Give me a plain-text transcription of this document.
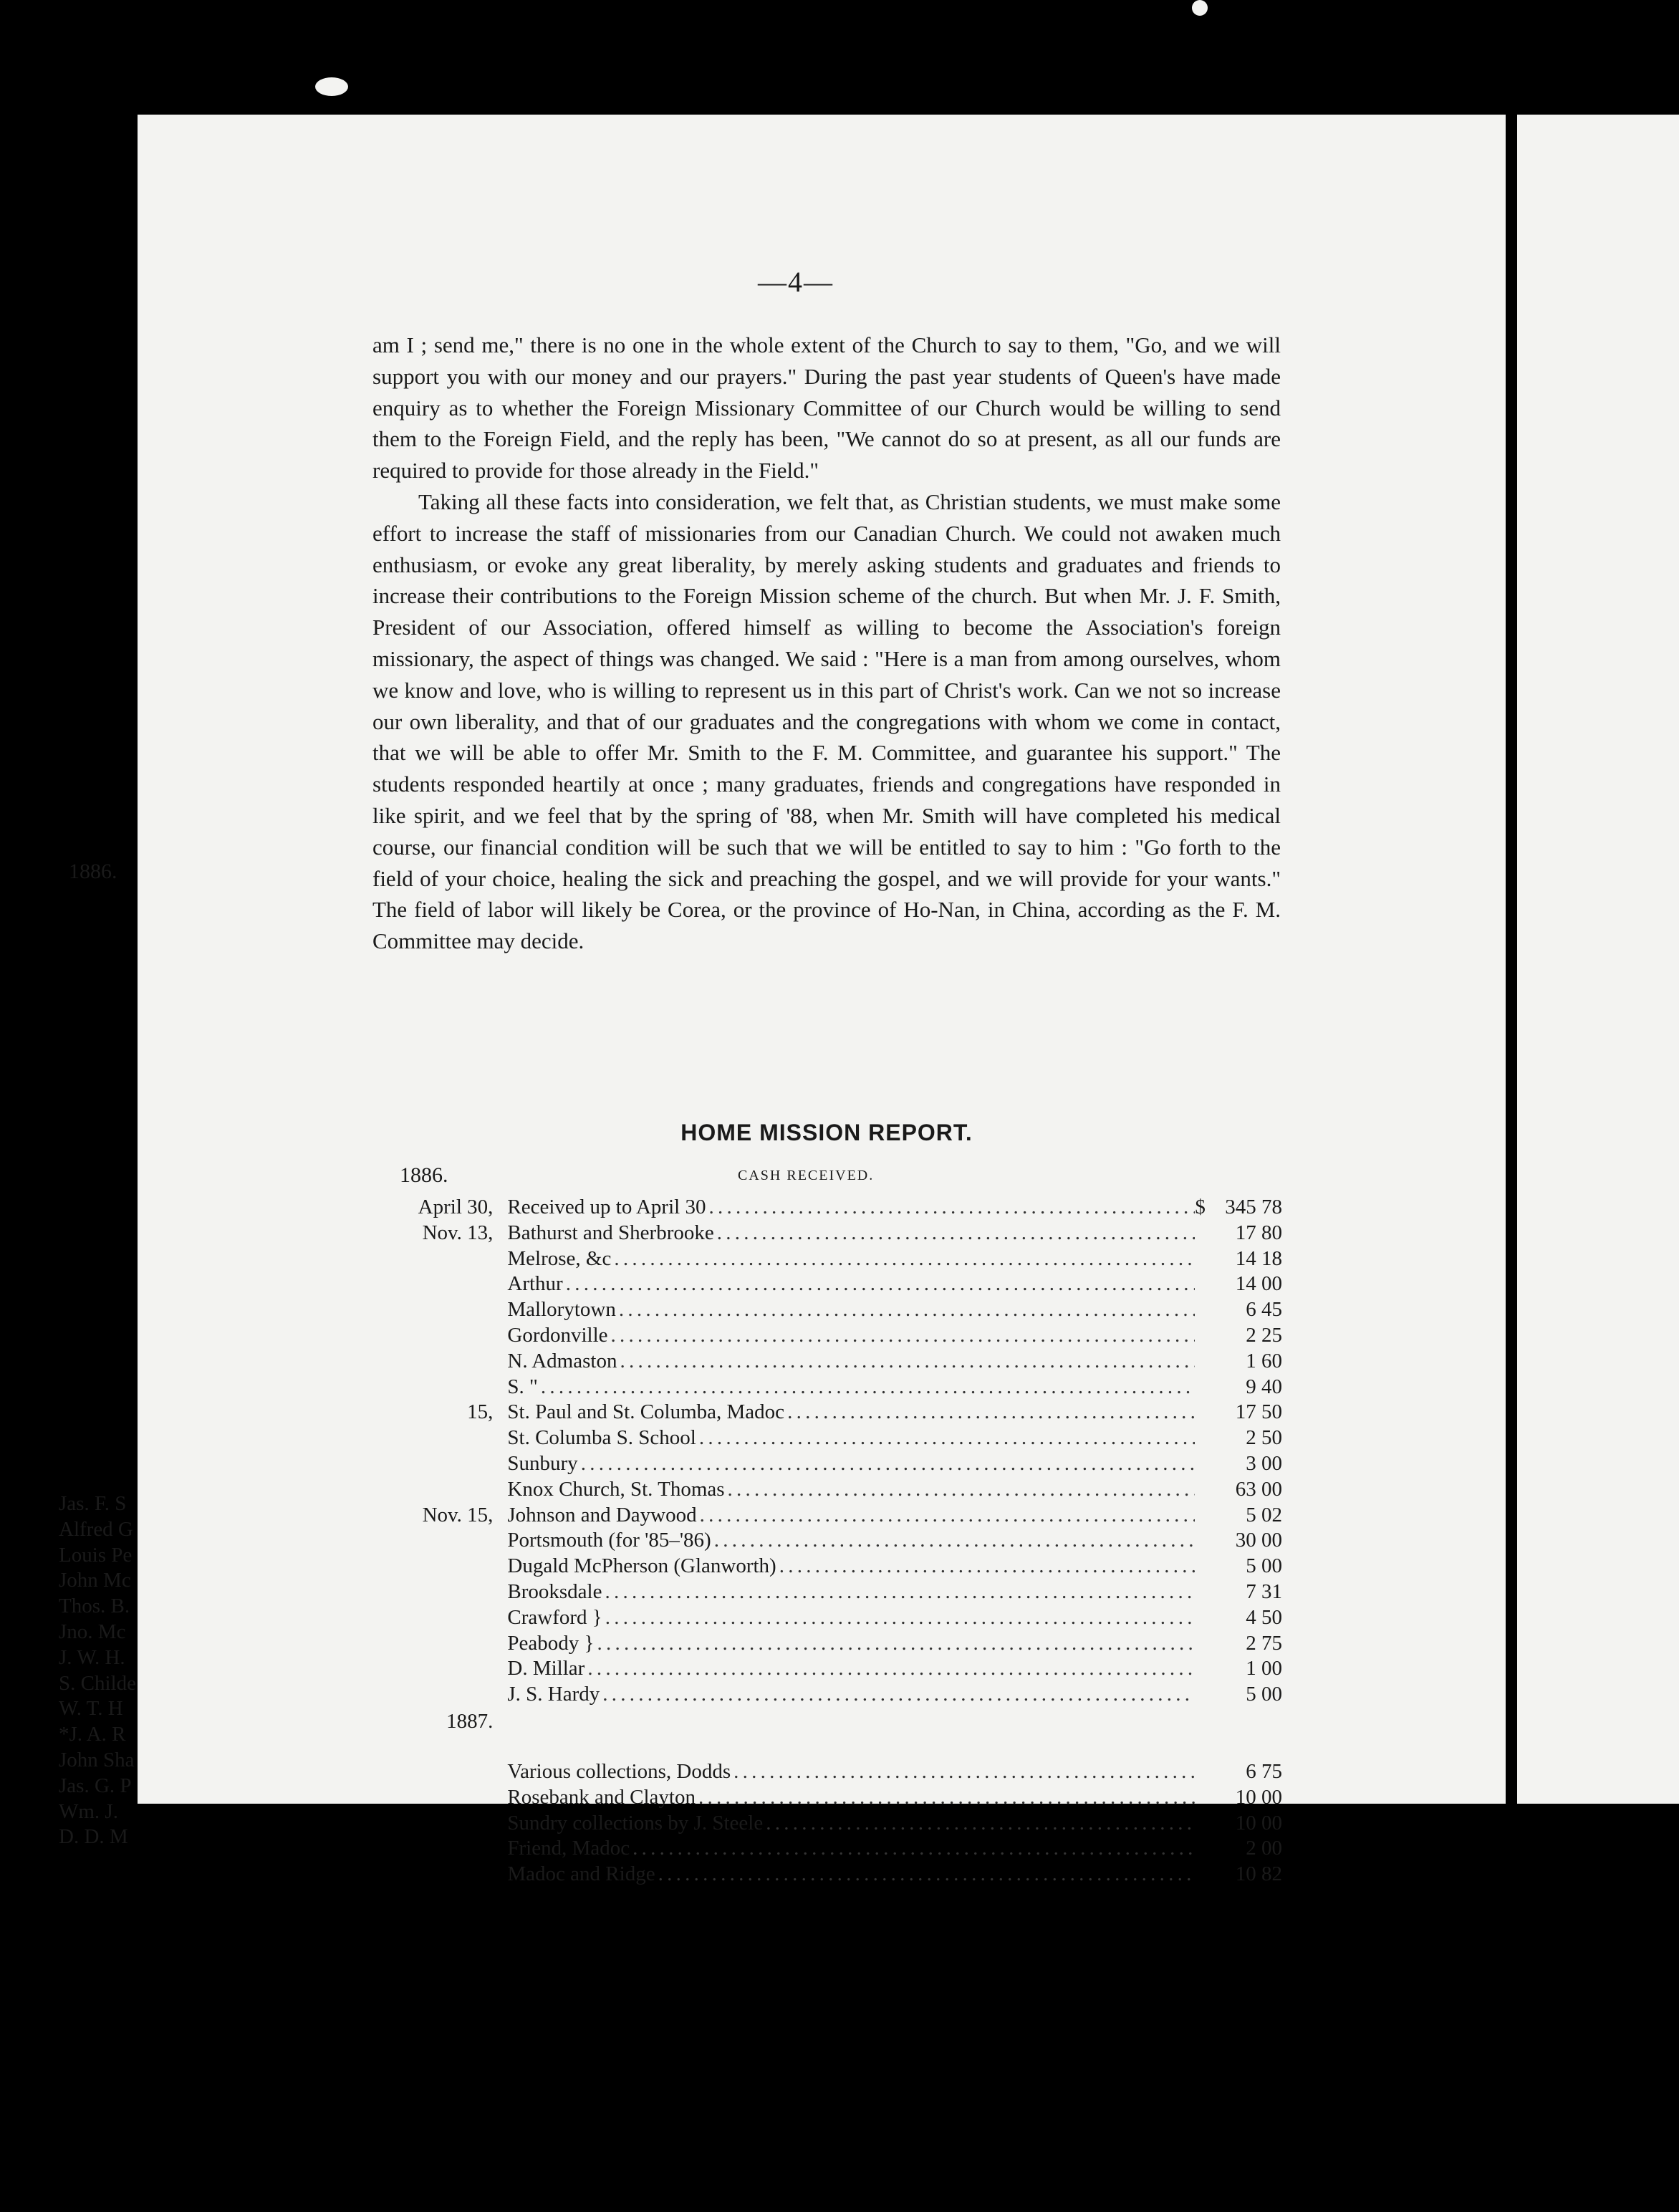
—4—

am I ; send me," there is no one in the whole extent of the Church to say to them, "Go, and we will support you with our money and our prayers." During the past year students of Queen's have made enquiry as to whether the Foreign Missionary Committee of our Church would be willing to send them to the Foreign Field, and the reply has been, "We cannot do so at present, as all our funds are required to provide for those already in the Field."

Taking all these facts into consideration, we felt that, as Christian students, we must make some effort to increase the staff of missionaries from our Canadian Church. We could not awaken much enthusiasm, or evoke any great liberality, by merely asking students and graduates and friends to increase their contributions to the Foreign Mission scheme of the church. But when Mr. J. F. Smith, President of our Association, offered himself as willing to become the Association's foreign missionary, the aspect of things was changed. We said : "Here is a man from among ourselves, whom we know and love, who is willing to represent us in this part of Christ's work. Can we not so increase our own liberality, and that of our graduates and the congregations with whom we come in contact, that we will be able to offer Mr. Smith to the F. M. Committee, and guarantee his support." The students responded heartily at once ; many graduates, friends and congregations have responded in like spirit, and we feel that by the spring of '88, when Mr. Smith will have completed his medical course, our financial condition will be such that we will be entitled to say to him : "Go forth to the field of your choice, healing the sick and preaching the gospel, and we will provide for your wants." The field of labor will likely be Corea, or the province of Ho-Nan, in China, according as the F. M. Committee may decide.

HOME MISSION REPORT.
1886.	CASH RECEIVED.
April 30, Received up to April 30 . . .	$ 345 78
Nov. 13, Bathurst and Sherbrooke . . .	17 80
Melrose, &c . . .	14 18
Arthur . . .	14 00
Mallorytown . . .	6 45
Gordonville . . .	2 25
N. Admaston . . .	1 60
S. " . . .	9 40
15, St. Paul and St. Columba, Madoc . . .	17 50
St. Columba S. School . . .	2 50
Sunbury . . .	3 00
Knox Church, St. Thomas . . .	63 00
Nov. 15, Johnson and Daywood . . .	5 02
Portsmouth (for '85–'86) . . .	30 00
Dugald McPherson (Glanworth) . . .	5 00
Brooksdale . . .	7 31
Crawford } . . .	4 50
Peabody } . . .	2 75
D. Millar . . .	1 00
J. S. Hardy . . .	5 00
1887.
Various collections, Dodds . . .	6 75
Rosebank and Clayton . . .	10 00
Sundry collections by J. Steele . . .	10 00
Friend, Madoc . . .	2 00
Madoc and Ridge . . .	10 82
1886.
Jas. F. S
Alfred G
Louis Pe
John Mc
Thos. B.
Jno. Mc
J. W. H.
S. Childe
W. T. H
*J. A. R
John Sha
Jas. G. P
Wm. J.
D. D. M
